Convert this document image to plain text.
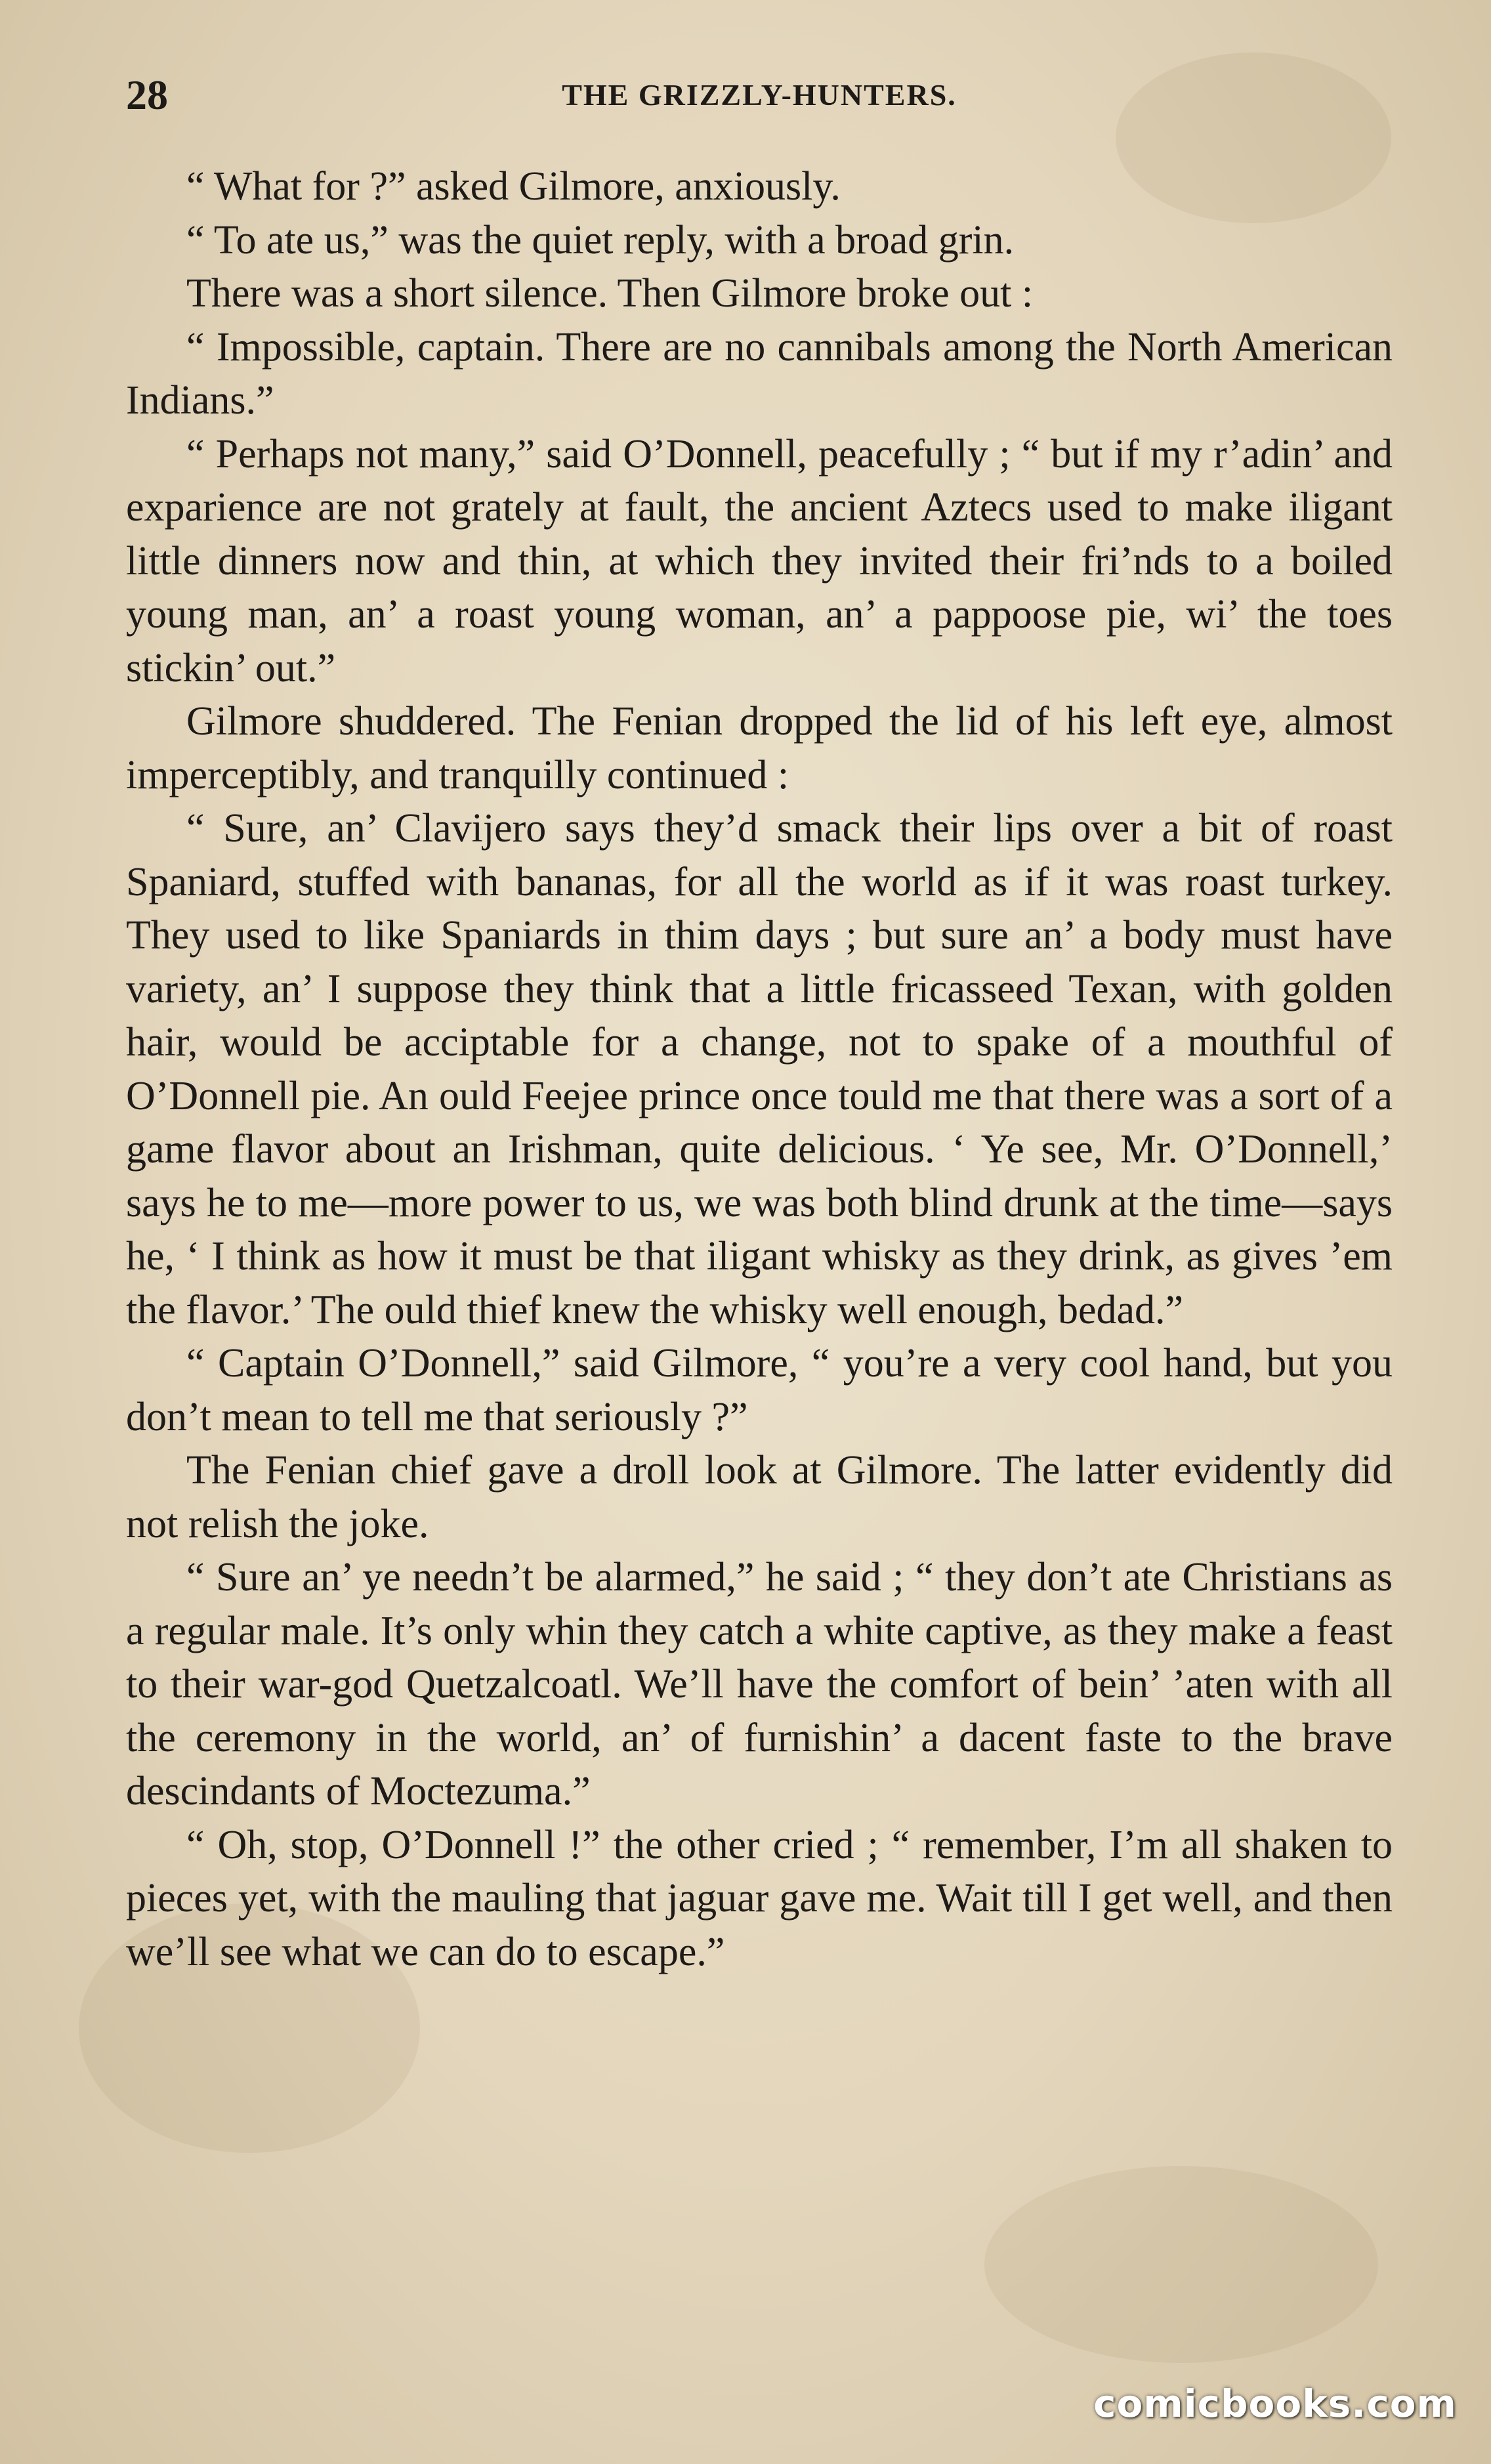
28	THE GRIZZLY-HUNTERS.

“ What for ?” asked Gilmore, anxiously.

“ To ate us,” was the quiet reply, with a broad grin.

There was a short silence. Then Gilmore broke out :

“ Impossible, captain. There are no cannibals among the North American Indians.”

“ Perhaps not many,” said O’Donnell, peacefully ; “ but if my r’adin’ and exparience are not grately at fault, the ancient Aztecs used to make iligant little dinners now and thin, at which they invited their fri’nds to a boiled young man, an’ a roast young woman, an’ a pappoose pie, wi’ the toes stickin’ out.”

Gilmore shuddered. The Fenian dropped the lid of his left eye, almost imperceptibly, and tranquilly continued :

“ Sure, an’ Clavijero says they’d smack their lips over a bit of roast Spaniard, stuffed with bananas, for all the world as if it was roast turkey. They used to like Spaniards in thim days ; but sure an’ a body must have variety, an’ I suppose they think that a little fricasseed Texan, with golden hair, would be acciptable for a change, not to spake of a mouthful of O’Donnell pie. An ould Feejee prince once tould me that there was a sort of a game flavor about an Irishman, quite delicious. ‘ Ye see, Mr. O’Donnell,’ says he to me—more power to us, we was both blind drunk at the time—says he, ‘ I think as how it must be that iligant whisky as they drink, as gives ’em the flavor.’ The ould thief knew the whisky well enough, bedad.”

“ Captain O’Donnell,” said Gilmore, “ you’re a very cool hand, but you don’t mean to tell me that seriously ?”

The Fenian chief gave a droll look at Gilmore. The latter evidently did not relish the joke.

“ Sure an’ ye needn’t be alarmed,” he said ; “ they don’t ate Christians as a regular male. It’s only whin they catch a white captive, as they make a feast to their war-god Quetzalcoatl. We’ll have the comfort of bein’ ’aten with all the ceremony in the world, an’ of furnishin’ a dacent faste to the brave descindants of Moctezuma.”

“ Oh, stop, O’Donnell !” the other cried ; “ remember, I’m all shaken to pieces yet, with the mauling that jaguar gave me. Wait till I get well, and then we’ll see what we can do to escape.”

comicbooks.com
